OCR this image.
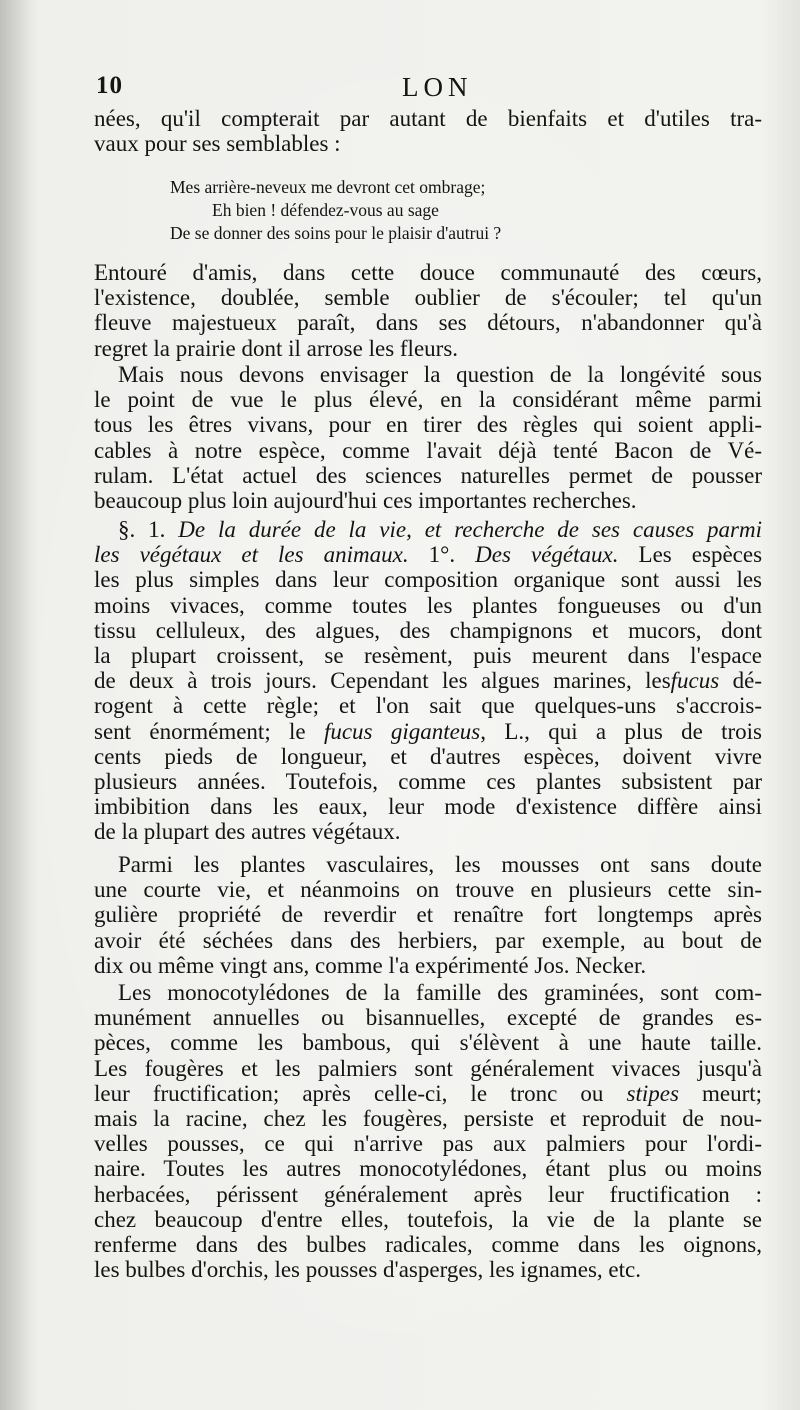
10	LON
nées, qu'il compterait par autant de bienfaits et d'utiles tra-
vaux pour ses semblables :
Mes arrière-neveux me devront cet ombrage;
Eh bien ! défendez-vous au sage
De se donner des soins pour le plaisir d'autrui ?
Entouré d'amis, dans cette douce communauté des cœurs,
l'existence, doublée, semble oublier de s'écouler; tel qu'un
fleuve majestueux paraît, dans ses détours, n'abandonner qu'à
regret la prairie dont il arrose les fleurs.
Mais nous devons envisager la question de la longévité sous
le point de vue le plus élevé, en la considérant même parmi
tous les êtres vivans, pour en tirer des règles qui soient appli-
cables à notre espèce, comme l'avait déjà tenté Bacon de Vé-
rulam. L'état actuel des sciences naturelles permet de pousser
beaucoup plus loin aujourd'hui ces importantes recherches.
§. 1. De la durée de la vie, et recherche de ses causes parmi
les végétaux et les animaux. 1°. Des végétaux. Les espèces
les plus simples dans leur composition organique sont aussi les
moins vivaces, comme toutes les plantes fongueuses ou d'un
tissu celluleux, des algues, des champignons et mucors, dont
la plupart croissent, se resèment, puis meurent dans l'espace
de deux à trois jours. Cependant les algues marines, lesfucus dé-
rogent à cette règle; et l'on sait que quelques-uns s'accrois-
sent énormément; le fucus giganteus, L., qui a plus de trois
cents pieds de longueur, et d'autres espèces, doivent vivre
plusieurs années. Toutefois, comme ces plantes subsistent par
imbibition dans les eaux, leur mode d'existence diffère ainsi
de la plupart des autres végétaux.
Parmi les plantes vasculaires, les mousses ont sans doute
une courte vie, et néanmoins on trouve en plusieurs cette sin-
gulière propriété de reverdir et renaître fort longtemps après
avoir été séchées dans des herbiers, par exemple, au bout de
dix ou même vingt ans, comme l'a expérimenté Jos. Necker.
Les monocotylédones de la famille des graminées, sont com-
munément annuelles ou bisannuelles, excepté de grandes es-
pèces, comme les bambous, qui s'élèvent à une haute taille.
Les fougères et les palmiers sont généralement vivaces jusqu'à
leur fructification; après celle-ci, le tronc ou stipes meurt;
mais la racine, chez les fougères, persiste et reproduit de nou-
velles pousses, ce qui n'arrive pas aux palmiers pour l'ordi-
naire. Toutes les autres monocotylédones, étant plus ou moins
herbacées, périssent généralement après leur fructification :
chez beaucoup d'entre elles, toutefois, la vie de la plante se
renferme dans des bulbes radicales, comme dans les oignons,
les bulbes d'orchis, les pousses d'asperges, les ignames, etc.
